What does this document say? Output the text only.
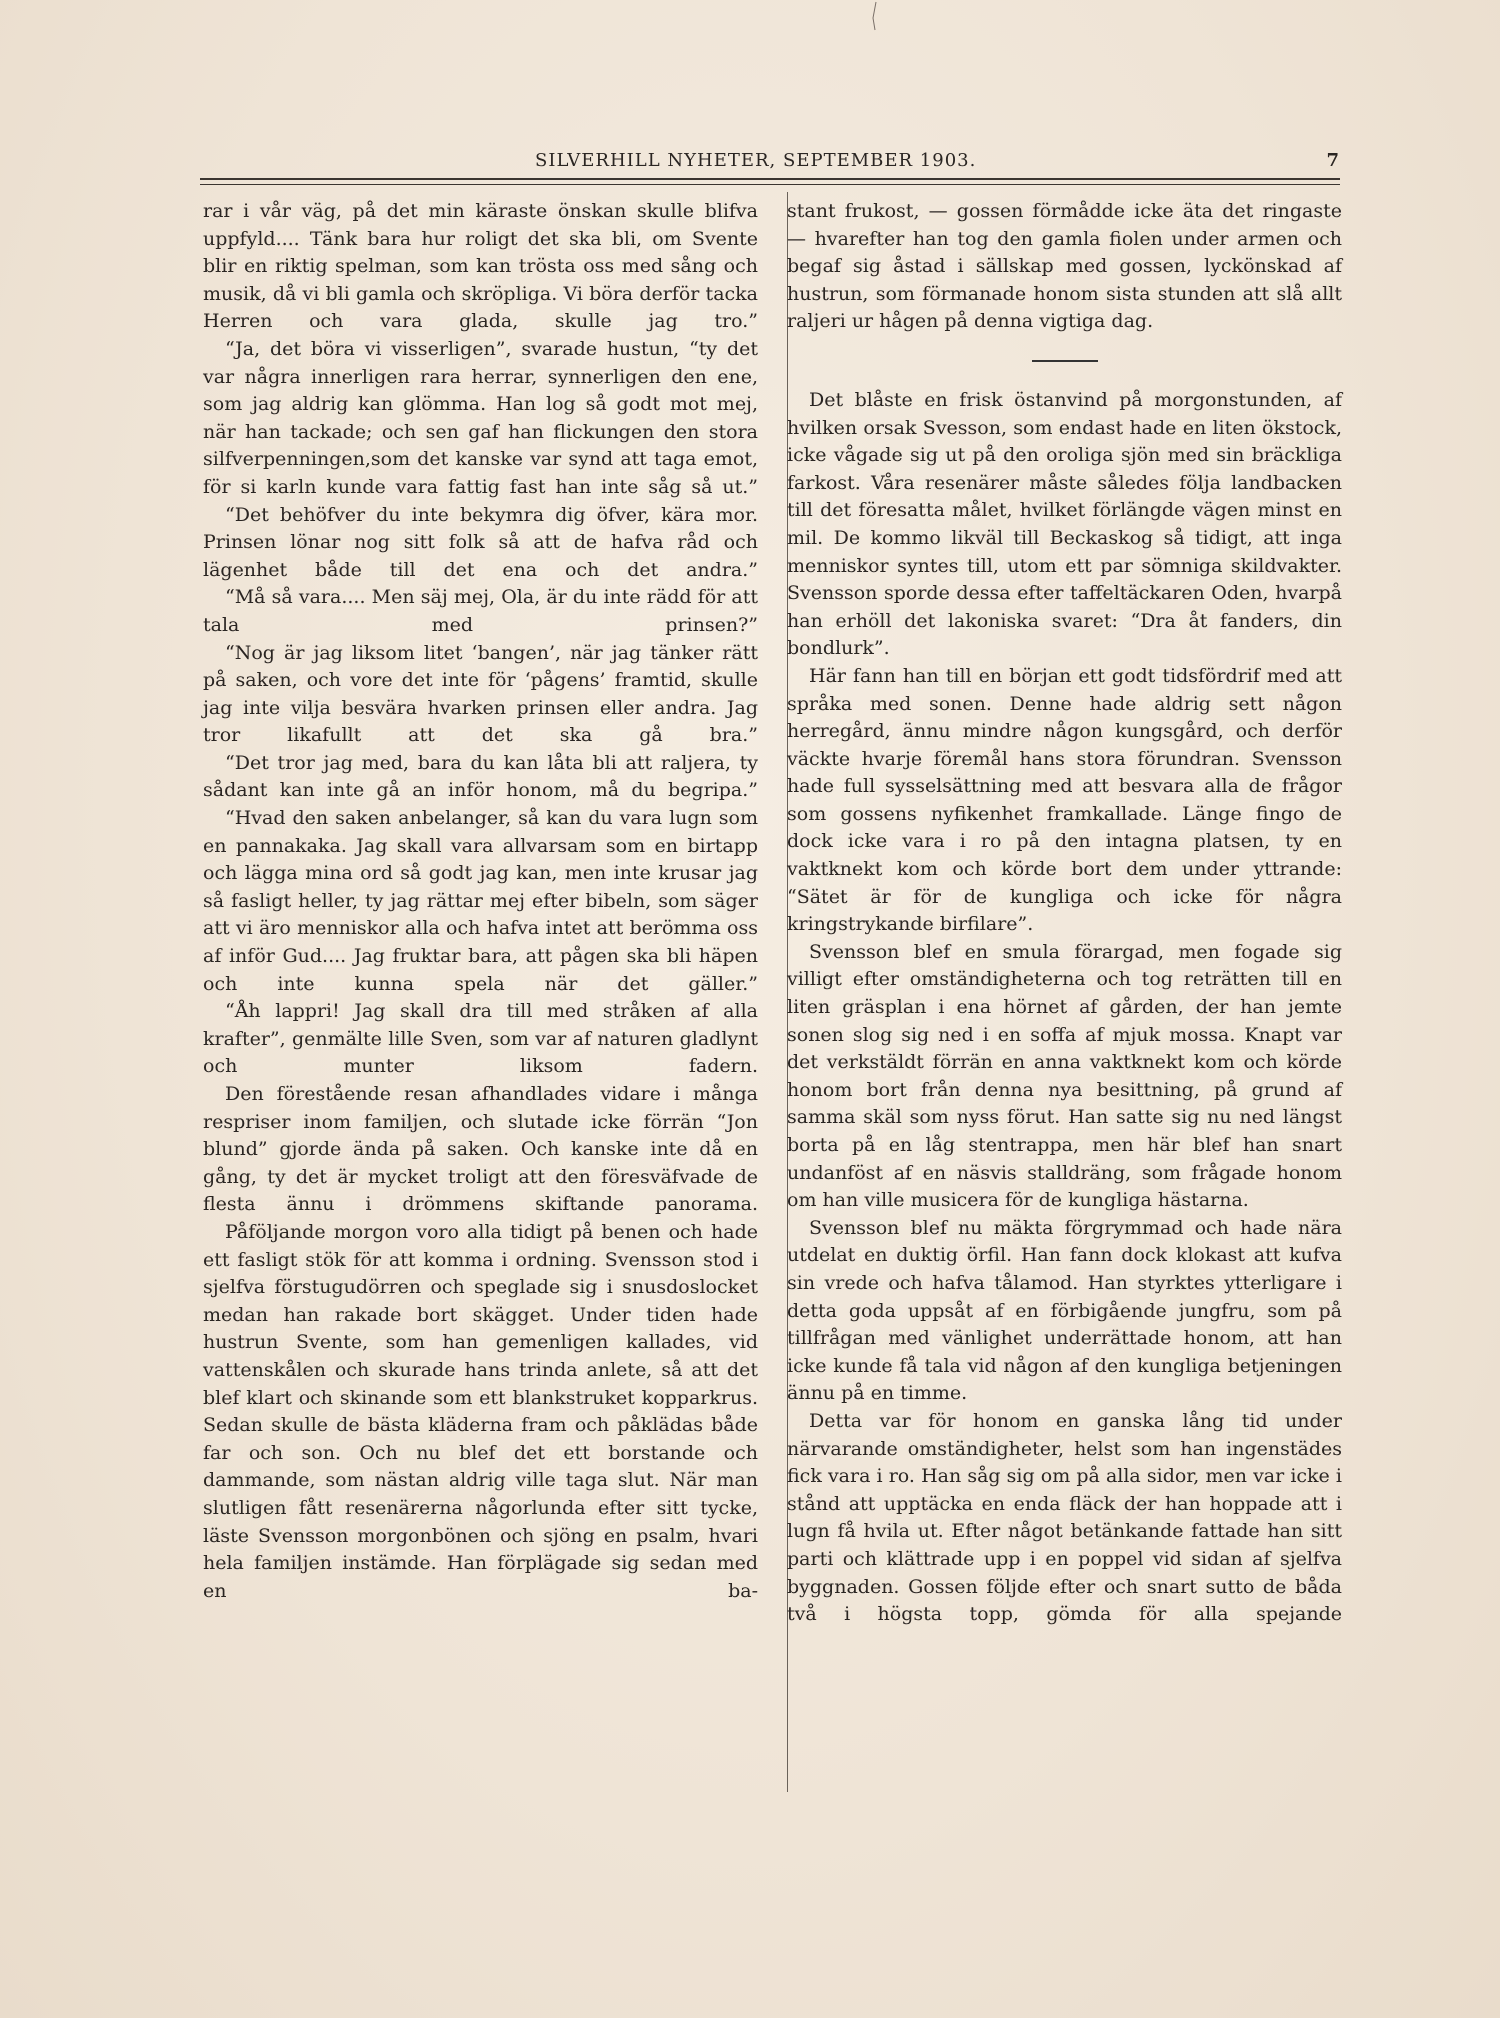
SILVERHILL NYHETER, SEPTEMBER 1903.	7

rar i vår väg, på det min käraste önskan skulle blifva uppfyld.... Tänk bara hur roligt det ska bli, om Svente blir en riktig spelman, som kan trösta oss med sång och musik, då vi bli gamla och skröpliga. Vi böra derför tacka Herren och vara glada, skulle jag tro.”

“Ja, det böra vi visserligen”, svarade hustun, “ty det var några innerligen rara herrar, synnerligen den ene, som jag aldrig kan glömma. Han log så godt mot mej, när han tackade; och sen gaf han flickungen den stora silfverpenningen,som det kanske var synd att taga emot, för si karln kunde vara fattig fast han inte såg så ut.”

“Det behöfver du inte bekymra dig öfver, kära mor. Prinsen lönar nog sitt folk så att de hafva råd och lägenhet både till det ena och det andra.”

“Må så vara.... Men säj mej, Ola, är du inte rädd för att tala med prinsen?”

“Nog är jag liksom litet ‘bangen’, när jag tänker rätt på saken, och vore det inte för ‘pågens’ framtid, skulle jag inte vilja besvära hvarken prinsen eller andra. Jag tror likafullt att det ska gå bra.”

“Det tror jag med, bara du kan låta bli att raljera, ty sådant kan inte gå an inför honom, må du begripa.”

“Hvad den saken anbelanger, så kan du vara lugn som en pannakaka. Jag skall vara allvarsam som en birtapp och lägga mina ord så godt jag kan, men inte krusar jag så fasligt heller, ty jag rättar mej efter bibeln, som säger att vi äro menniskor alla och hafva intet att berömma oss af inför Gud.... Jag fruktar bara, att pågen ska bli häpen och inte kunna spela när det gäller.”

“Åh lappri! Jag skall dra till med stråken af alla krafter”, genmälte lille Sven, som var af naturen gladlynt och munter liksom fadern.

Den förestående resan afhandlades vidare i många respriser inom familjen, och slutade icke förrän “Jon blund” gjorde ända på saken. Och kanske inte då en gång, ty det är mycket troligt att den föresväfvade de flesta ännu i drömmens skiftande panorama.

Påföljande morgon voro alla tidigt på benen och hade ett fasligt stök för att komma i ordning. Svensson stod i sjelfva förstugudörren och speglade sig i snusdoslocket medan han rakade bort skägget. Under tiden hade hustrun Svente, som han gemenligen kallades, vid vattenskålen och skurade hans trinda anlete, så att det blef klart och skinande som ett blankstruket kopparkrus. Sedan skulle de bästa kläderna fram och påklädas både far och son. Och nu blef det ett borstande och dammande, som nästan aldrig ville taga slut. När man slutligen fått resenärerna någorlunda efter sitt tycke, läste Svensson morgonbönen och sjöng en psalm, hvari hela familjen instämde. Han förplägade sig sedan med en ba-

stant frukost, — gossen förmådde icke äta det ringaste — hvarefter han tog den gamla fiolen under armen och begaf sig åstad i sällskap med gossen, lyckönskad af hustrun, som förmanade honom sista stunden att slå allt raljeri ur hågen på denna vigtiga dag.

Det blåste en frisk östanvind på morgonstunden, af hvilken orsak Svesson, som endast hade en liten ökstock, icke vågade sig ut på den oroliga sjön med sin bräckliga farkost. Våra resenärer måste således följa landbacken till det föresatta målet, hvilket förlängde vägen minst en mil. De kommo likväl till Beckaskog så tidigt, att inga menniskor syntes till, utom ett par sömniga skildvakter. Svensson sporde dessa efter taffeltäckaren Oden, hvarpå han erhöll det lakoniska svaret: “Dra åt fanders, din bondlurk”.

Här fann han till en början ett godt tidsfördrif med att språka med sonen. Denne hade aldrig sett någon herregård, ännu mindre någon kungsgård, och derför väckte hvarje föremål hans stora förundran. Svensson hade full sysselsättning med att besvara alla de frågor som gossens nyfikenhet framkallade. Länge fingo de dock icke vara i ro på den intagna platsen, ty en vaktknekt kom och körde bort dem under yttrande: “Sätet är för de kungliga och icke för några kringstrykande birfilare”.

Svensson blef en smula förargad, men fogade sig villigt efter omständigheterna och tog reträtten till en liten gräsplan i ena hörnet af gården, der han jemte sonen slog sig ned i en soffa af mjuk mossa. Knapt var det verkstäldt förrän en anna vaktknekt kom och körde honom bort från denna nya besittning, på grund af samma skäl som nyss förut. Han satte sig nu ned längst borta på en låg stentrappa, men här blef han snart undanföst af en näsvis stalldräng, som frågade honom om han ville musicera för de kungliga hästarna.

Svensson blef nu mäkta förgrymmad och hade nära utdelat en duktig örfil. Han fann dock klokast att kufva sin vrede och hafva tålamod. Han styrktes ytterligare i detta goda uppsåt af en förbigående jungfru, som på tillfrågan med vänlighet underrättade honom, att han icke kunde få tala vid någon af den kungliga betjeningen ännu på en timme.

Detta var för honom en ganska lång tid under närvarande omständigheter, helst som han ingenstädes fick vara i ro. Han såg sig om på alla sidor, men var icke i stånd att upptäcka en enda fläck der han hoppade att i lugn få hvila ut. Efter något betänkande fattade han sitt parti och klättrade upp i en poppel vid sidan af sjelfva byggnaden. Gossen följde efter och snart sutto de båda två i högsta topp, gömda för alla spejande
